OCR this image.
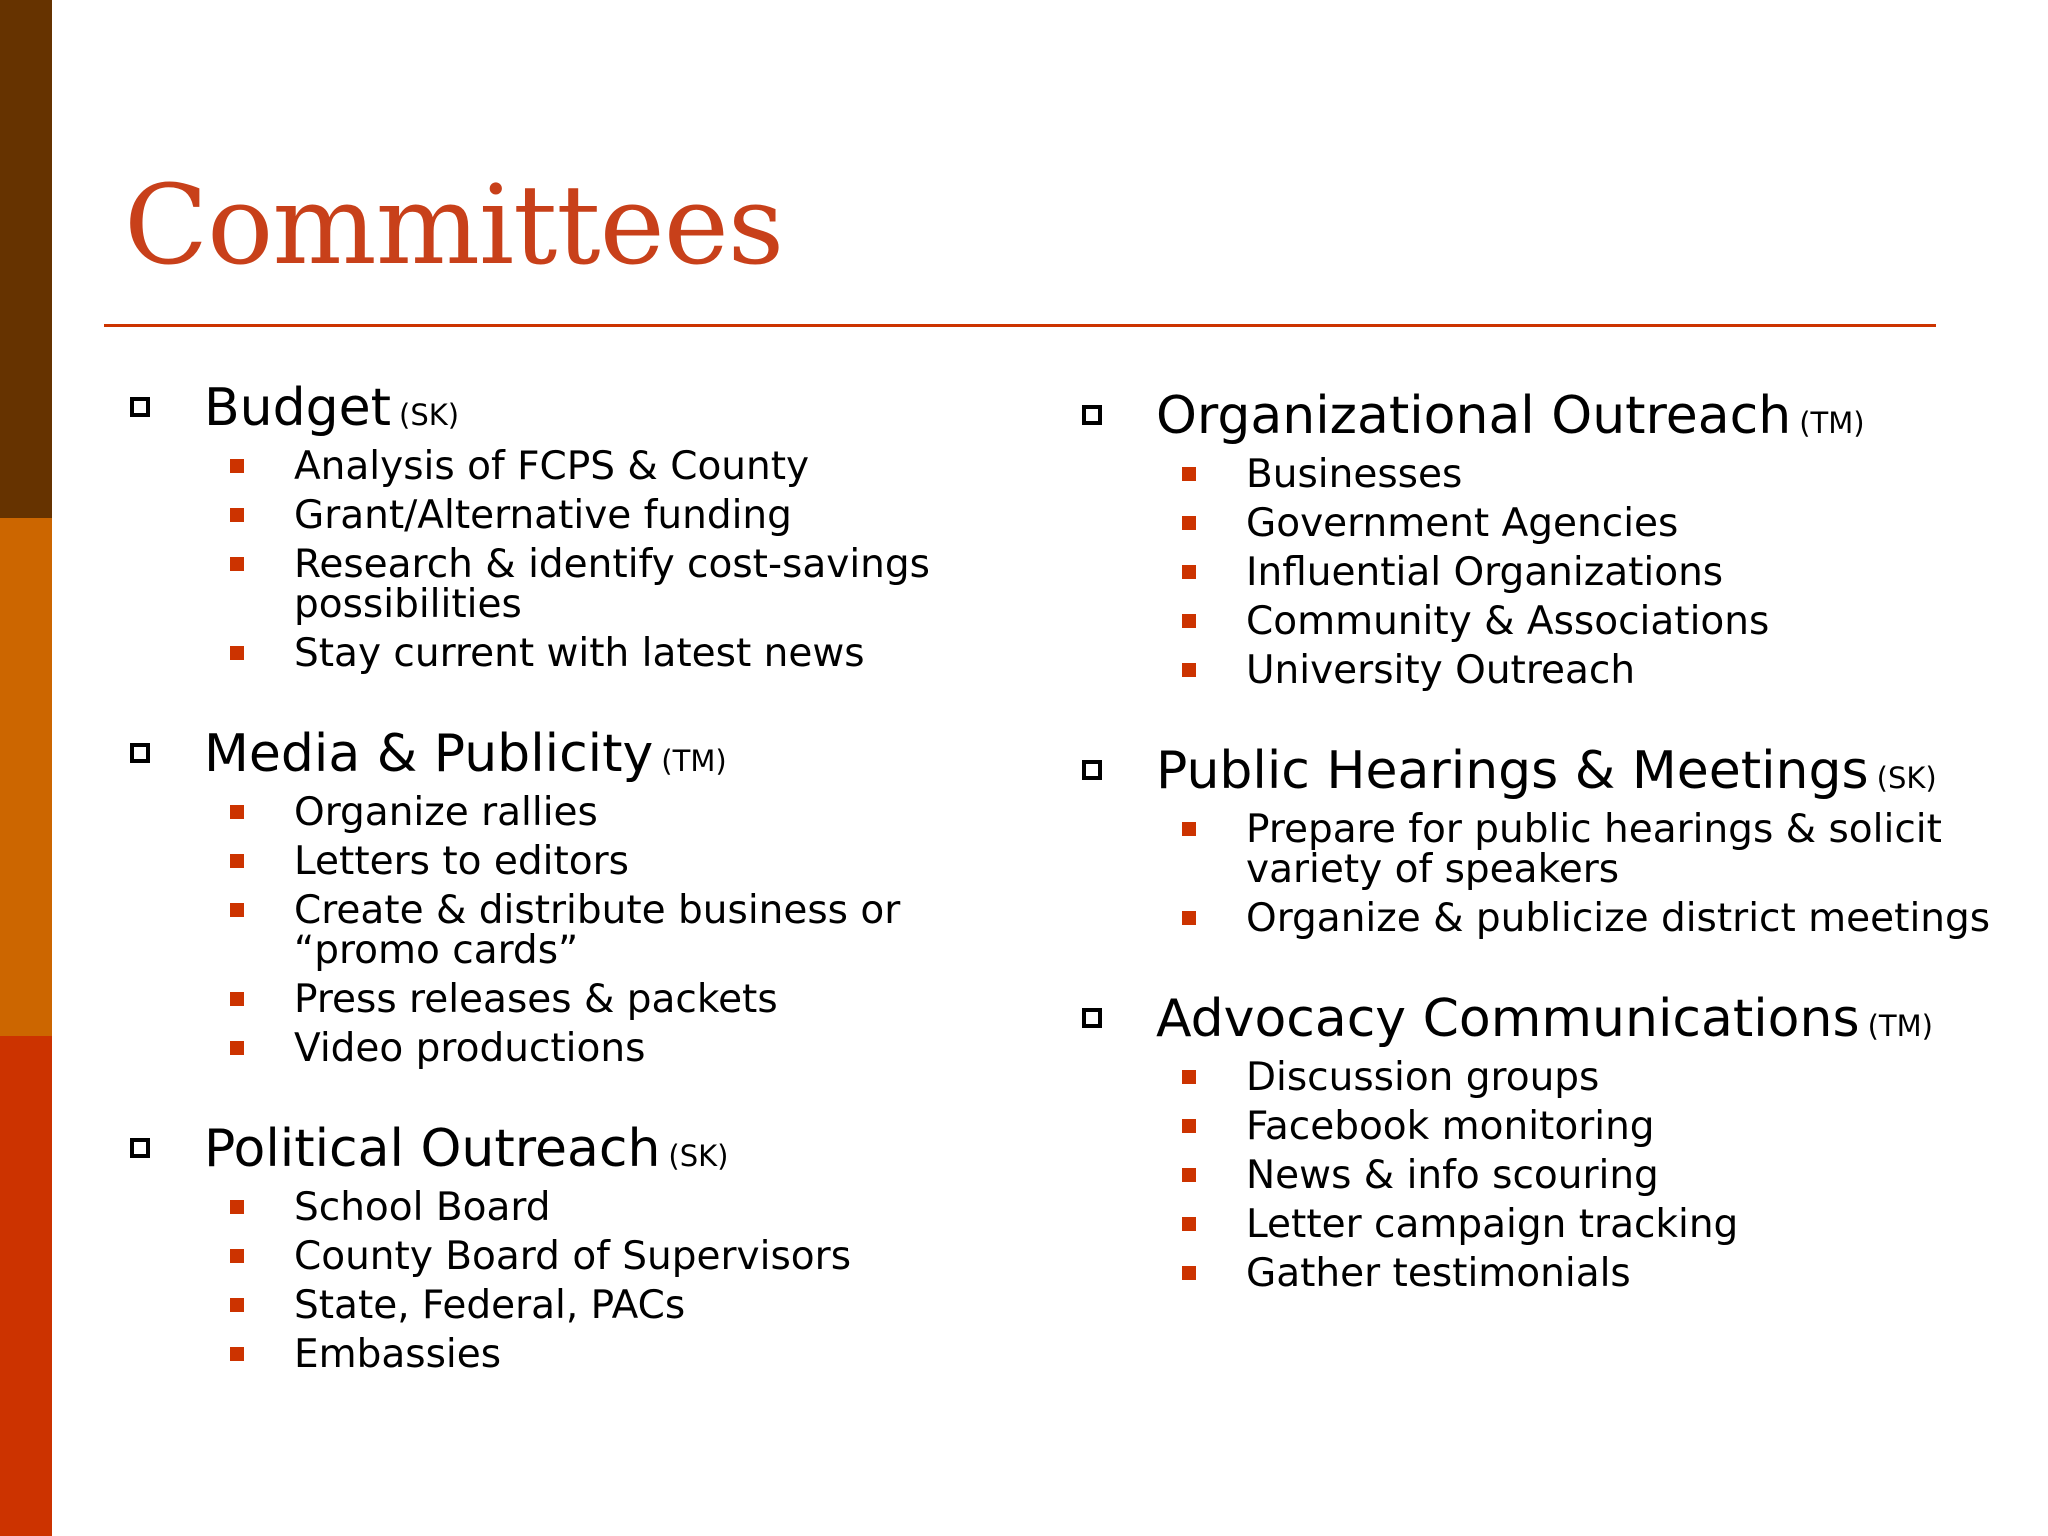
Committees
Budget (SK)
Analysis of FCPS & County
Grant/Alternative funding
Research & identify cost-savings possibilities
Stay current with latest news
Media & Publicity (TM)
Organize rallies
Letters to editors
Create & distribute business or “promo cards”
Press releases & packets
Video productions
Political Outreach (SK)
School Board
County Board of Supervisors
State, Federal, PACs
Embassies
Organizational Outreach (TM)
Businesses
Government Agencies
Influential Organizations
Community & Associations
University Outreach
Public Hearings & Meetings (SK)
Prepare for public hearings & solicit variety of speakers
Organize & publicize district meetings
Advocacy Communications (TM)
Discussion groups
Facebook monitoring
News & info scouring
Letter campaign tracking
Gather testimonials
